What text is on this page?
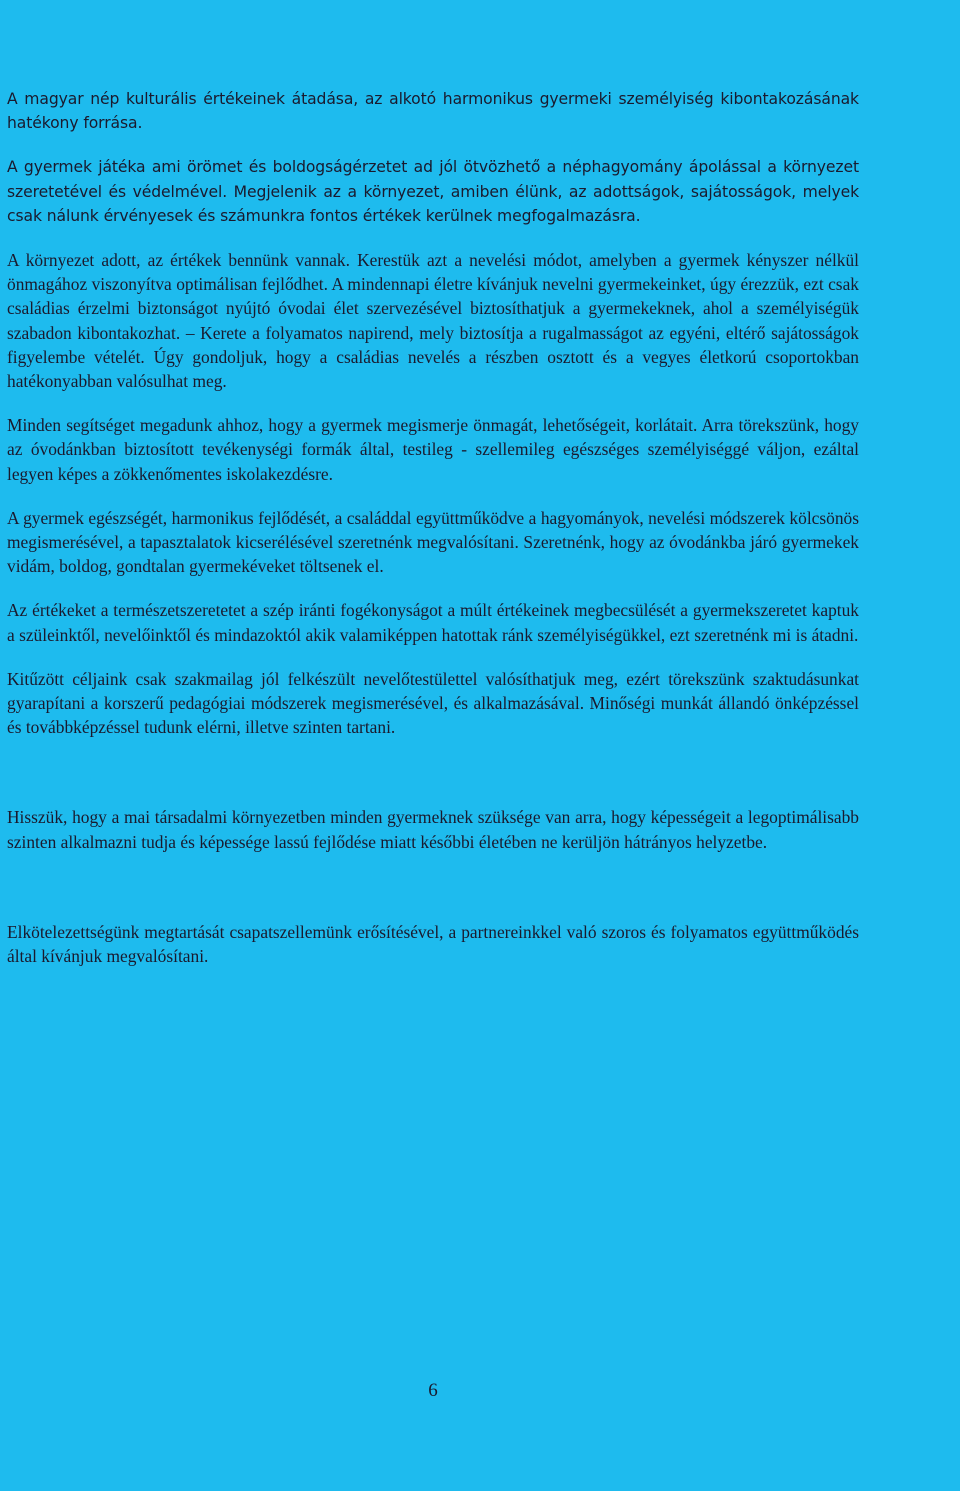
A magyar nép kulturális értékeinek átadása, az alkotó harmonikus gyermeki személyiség kibontakozásának hatékony forrása.

A gyermek játéka ami örömet és boldogságérzetet ad jól ötvözhető a néphagyomány ápolással a környezet szeretetével és védelmével. Megjelenik az a környezet, amiben élünk, az adottságok, sajátosságok, melyek csak nálunk érvényesek és számunkra fontos értékek kerülnek megfogalmazásra.

A környezet adott, az értékek bennünk vannak. Kerestük azt a nevelési módot, amelyben a gyermek kényszer nélkül önmagához viszonyítva optimálisan fejlődhet. A mindennapi életre kívánjuk nevelni gyermekeinket, úgy érezzük, ezt csak családias érzelmi biztonságot nyújtó óvodai élet szervezésével biztosíthatjuk a gyermekeknek, ahol a személyiségük szabadon kibontakozhat. – Kerete a folyamatos napirend, mely biztosítja a rugalmasságot az egyéni, eltérő sajátosságok figyelembe vételét. Úgy gondoljuk, hogy a családias nevelés a részben osztott és a vegyes életkorú csoportokban hatékonyabban valósulhat meg.

Minden segítséget megadunk ahhoz, hogy a gyermek megismerje önmagát, lehetőségeit, korlátait. Arra törekszünk, hogy az óvodánkban biztosított tevékenységi formák által, testileg - szellemileg egészséges személyiséggé váljon, ezáltal legyen képes a zökkenőmentes iskolakezdésre.

A gyermek egészségét, harmonikus fejlődését, a családdal együttműködve a hagyományok, nevelési módszerek kölcsönös megismerésével, a tapasztalatok kicserélésével szeretnénk megvalósítani. Szeretnénk, hogy az óvodánkba járó gyermekek vidám, boldog, gondtalan gyermekéveket töltsenek el.

Az értékeket a természetszeretetet a szép iránti fogékonyságot a múlt értékeinek megbecsülését a gyermekszeretet kaptuk a szüleinktől, nevelőinktől és mindazoktól akik valamiképpen hatottak ránk személyiségükkel, ezt szeretnénk mi is átadni.

Kitűzött céljaink csak szakmailag jól felkészült nevelőtestülettel valósíthatjuk meg, ezért törekszünk szaktudásunkat gyarapítani a korszerű pedagógiai módszerek megismerésével, és alkalmazásával. Minőségi munkát állandó önképzéssel és továbbképzéssel tudunk elérni, illetve szinten tartani.

Hisszük, hogy a mai társadalmi környezetben minden gyermeknek szüksége van arra, hogy képességeit a legoptimálisabb szinten alkalmazni tudja és képessége lassú fejlődése miatt későbbi életében ne kerüljön hátrányos helyzetbe.

Elkötelezettségünk megtartását csapatszellemünk erősítésével, a partnereinkkel való szoros és folyamatos együttműködés által kívánjuk megvalósítani.

6
